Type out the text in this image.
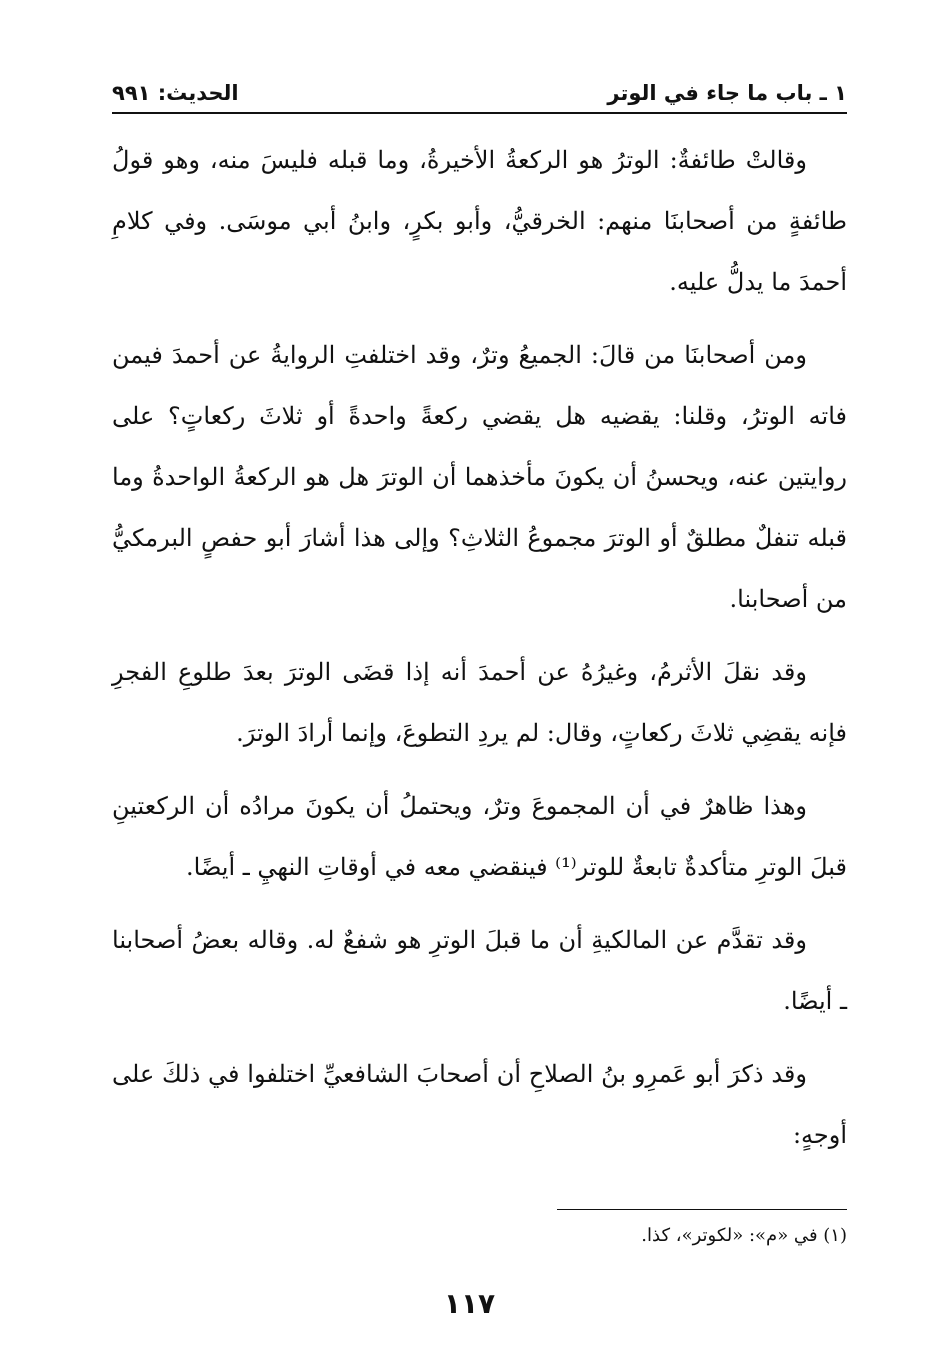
١ ـ باب ما جاء في الوتر
الحديث: ٩٩١

وقالتْ طائفةٌ: الوترُ هو الركعةُ الأخيرةُ، وما قبله فليسَ منه، وهو قولُ طائفةٍ من أصحابنَا منهم: الخرقيُّ، وأبو بكرٍ، وابنُ أبي موسَى. وفي كلامِ أحمدَ ما يدلُّ عليه.

ومن أصحابنَا من قالَ: الجميعُ وترٌ، وقد اختلفتِ الروايةُ عن أحمدَ فيمن فاته الوترُ، وقلنا: يقضيه هل يقضي ركعةً واحدةً أو ثلاثَ ركعاتٍ؟ على روايتين عنه، ويحسنُ أن يكونَ مأخذهما أن الوترَ هل هو الركعةُ الواحدةُ وما قبله تنفلٌ مطلقٌ أو الوترَ مجموعُ الثلاثِ؟ وإلى هذا أشارَ أبو حفصٍ البرمكيُّ من أصحابنا.

وقد نقلَ الأثرمُ، وغيرُهُ عن أحمدَ أنه إذا قضَى الوترَ بعدَ طلوعِ الفجرِ فإنه يقضِي ثلاثَ ركعاتٍ، وقال: لم يردِ التطوعَ، وإنما أرادَ الوترَ.

وهذا ظاهرٌ في أن المجموعَ وترٌ، ويحتملُ أن يكونَ مرادُه أن الركعتينِ قبلَ الوترِ متأكدةٌ تابعةٌ للوتر⁽¹⁾ فينقضي معه في أوقاتِ النهيِ ـ أيضًا.

وقد تقدَّم عن المالكيةِ أن ما قبلَ الوترِ هو شفعٌ له. وقاله بعضُ أصحابنا ـ أيضًا.

وقد ذكرَ أبو عَمرِو بنُ الصلاحِ أن أصحابَ الشافعيِّ اختلفوا في ذلكَ على أوجهٍ:

(١) في «م»: «لكوتر»، كذا.
١١٧
